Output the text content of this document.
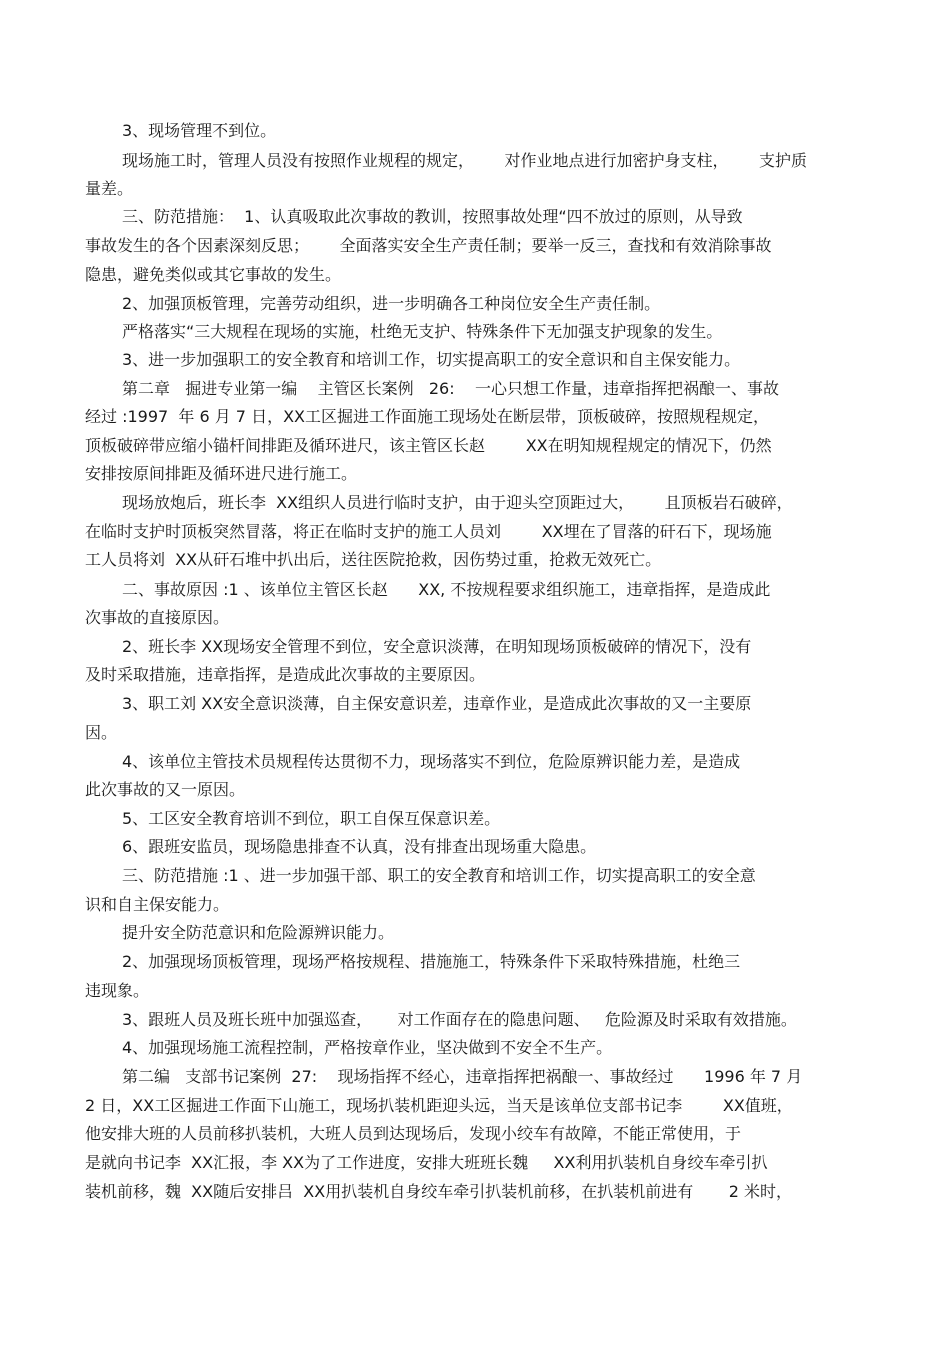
3、现场管理不到位。
现场施工时，管理人员没有按照作业规程的规定，      对作业地点进行加密护身支柱，      支护质
量差。
三、防范措施：  1、认真吸取此次事故的教训，按照事故处理“四不放过的原则，从导致
事故发生的各个因素深刻反思；      全面落实安全生产责任制；要举一反三，查找和有效消除事故
隐患，避免类似或其它事故的发生。
2、加强顶板管理，完善劳动组织，进一步明确各工种岗位安全生产责任制。
严格落实“三大规程在现场的实施，杜绝无支护、特殊条件下无加强支护现象的发生。
3、进一步加强职工的安全教育和培训工作，切实提高职工的安全意识和自主保安能力。
第二章   掘进专业第一编    主管区长案例   26:    一心只想工作量，违章指挥把祸酿一、事故
经过 :1997  年 6 月 7 日，XX工区掘进工作面施工现场处在断层带，顶板破碎，按照规程规定，
顶板破碎带应缩小锚杆间排距及循环进尺，该主管区长赵        XX在明知规程规定的情况下，仍然
安排按原间排距及循环进尺进行施工。
现场放炮后，班长李  XX组织人员进行临时支护，由于迎头空顶距过大，      且顶板岩石破碎，
在临时支护时顶板突然冒落，将正在临时支护的施工人员刘        XX埋在了冒落的矸石下，现场施
工人员将刘  XX从矸石堆中扒出后，送往医院抢救，因伤势过重，抢救无效死亡。
二、事故原因 :1 、该单位主管区长赵      XX, 不按规程要求组织施工，违章指挥，是造成此
次事故的直接原因。
2、班长李 XX现场安全管理不到位，安全意识淡薄，在明知现场顶板破碎的情况下，没有
及时采取措施，违章指挥，是造成此次事故的主要原因。
3、职工刘 XX安全意识淡薄，自主保安意识差，违章作业，是造成此次事故的又一主要原
因。
4、该单位主管技术员规程传达贯彻不力，现场落实不到位，危险原辨识能力差，是造成
此次事故的又一原因。
5、工区安全教育培训不到位，职工自保互保意识差。
6、跟班安监员，现场隐患排查不认真，没有排查出现场重大隐患。
三、防范措施 :1 、进一步加强干部、职工的安全教育和培训工作，切实提高职工的安全意
识和自主保安能力。
提升安全防范意识和危险源辨识能力。
2、加强现场顶板管理，现场严格按规程、措施施工，特殊条件下采取特殊措施，杜绝三
违现象。
3、跟班人员及班长班中加强巡查，     对工作面存在的隐患问题、   危险源及时采取有效措施。
4、加强现场施工流程控制，严格按章作业，坚决做到不安全不生产。
第二编   支部书记案例  27:    现场指挥不经心，违章指挥把祸酿一、事故经过      1996 年 7 月
2 日，XX工区掘进工作面下山施工，现场扒装机距迎头远，当天是该单位支部书记李        XX值班，
他安排大班的人员前移扒装机，大班人员到达现场后，发现小绞车有故障，不能正常使用，于
是就向书记李  XX汇报，李 XX为了工作进度，安排大班班长魏     XX利用扒装机自身绞车牵引扒
装机前移，魏  XX随后安排吕  XX用扒装机自身绞车牵引扒装机前移，在扒装机前进有       2 米时，
